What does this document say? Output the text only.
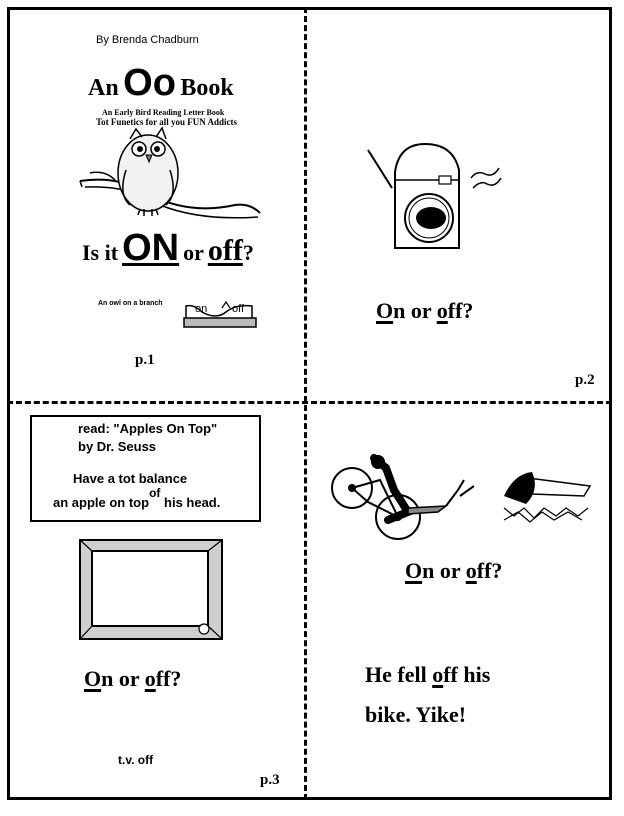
By Brenda Chadburn
An Oo Book
An Early Bird Reading Letter Book
Tot Funetics for all you FUN Addicts
Is it ON or off?
An owl on a branch	on off
p.1
On or off?
p.2
read: "Apples On Top"
by Dr. Seuss
Have a tot balance
an apple on topof his head.
On or off?
t.v. off
p.3
On or off?
He fell off his
bike. Yike!
